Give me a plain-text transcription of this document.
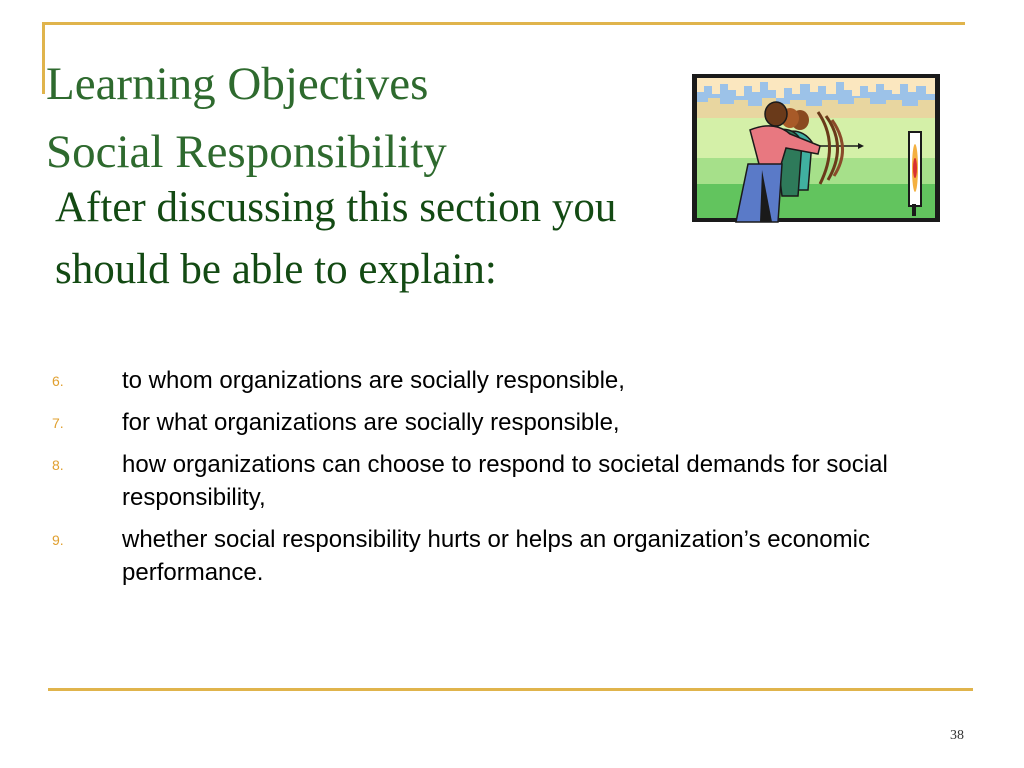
Learning Objectives
Social Responsibility

After discussing this section you should be able to explain:

6. to whom organizations are socially responsible,
7. for what organizations are socially responsible,
8. how organizations can choose to respond to societal demands for social responsibility,
9. whether social responsibility hurts or helps an organization’s economic performance.
38
